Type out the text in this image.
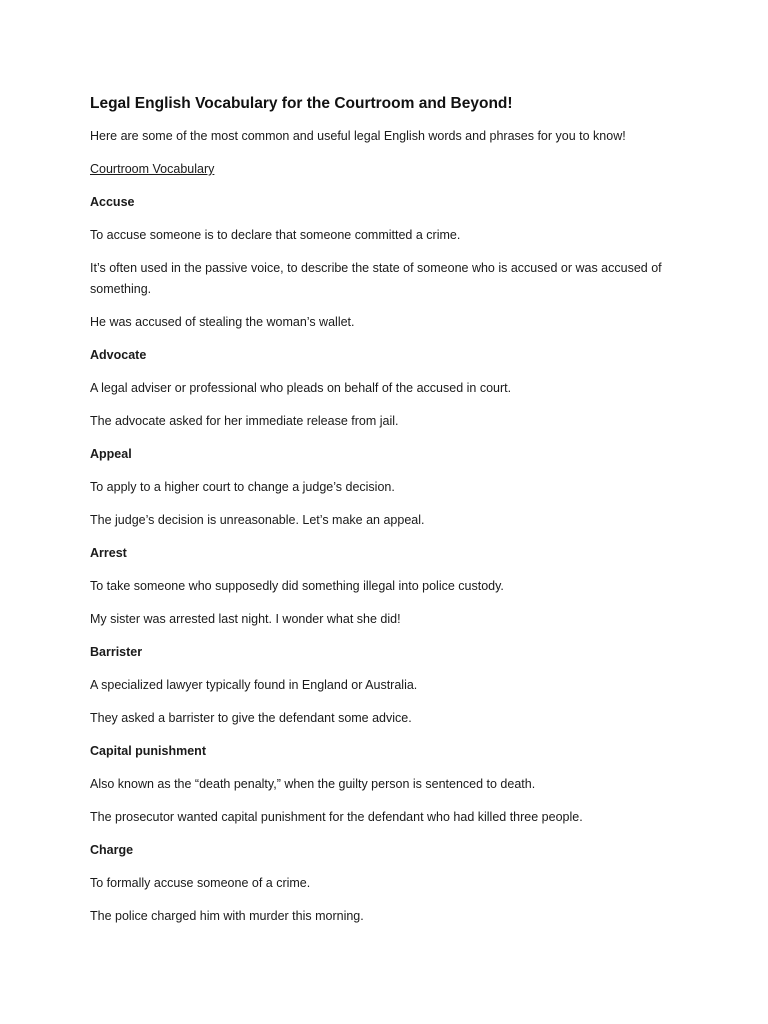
Legal English Vocabulary for the Courtroom and Beyond!

Here are some of the most common and useful legal English words and phrases for you to know!

Courtroom Vocabulary

Accuse

To accuse someone is to declare that someone committed a crime.

It’s often used in the passive voice, to describe the state of someone who is accused or was accused of something.

He was accused of stealing the woman’s wallet.

Advocate

A legal adviser or professional who pleads on behalf of the accused in court.

The advocate asked for her immediate release from jail.

Appeal

To apply to a higher court to change a judge’s decision.

The judge’s decision is unreasonable. Let’s make an appeal.

Arrest

To take someone who supposedly did something illegal into police custody.

My sister was arrested last night. I wonder what she did!

Barrister

A specialized lawyer typically found in England or Australia.

They asked a barrister to give the defendant some advice.

Capital punishment

Also known as the “death penalty,” when the guilty person is sentenced to death.

The prosecutor wanted capital punishment for the defendant who had killed three people.

Charge

To formally accuse someone of a crime.

The police charged him with murder this morning.
